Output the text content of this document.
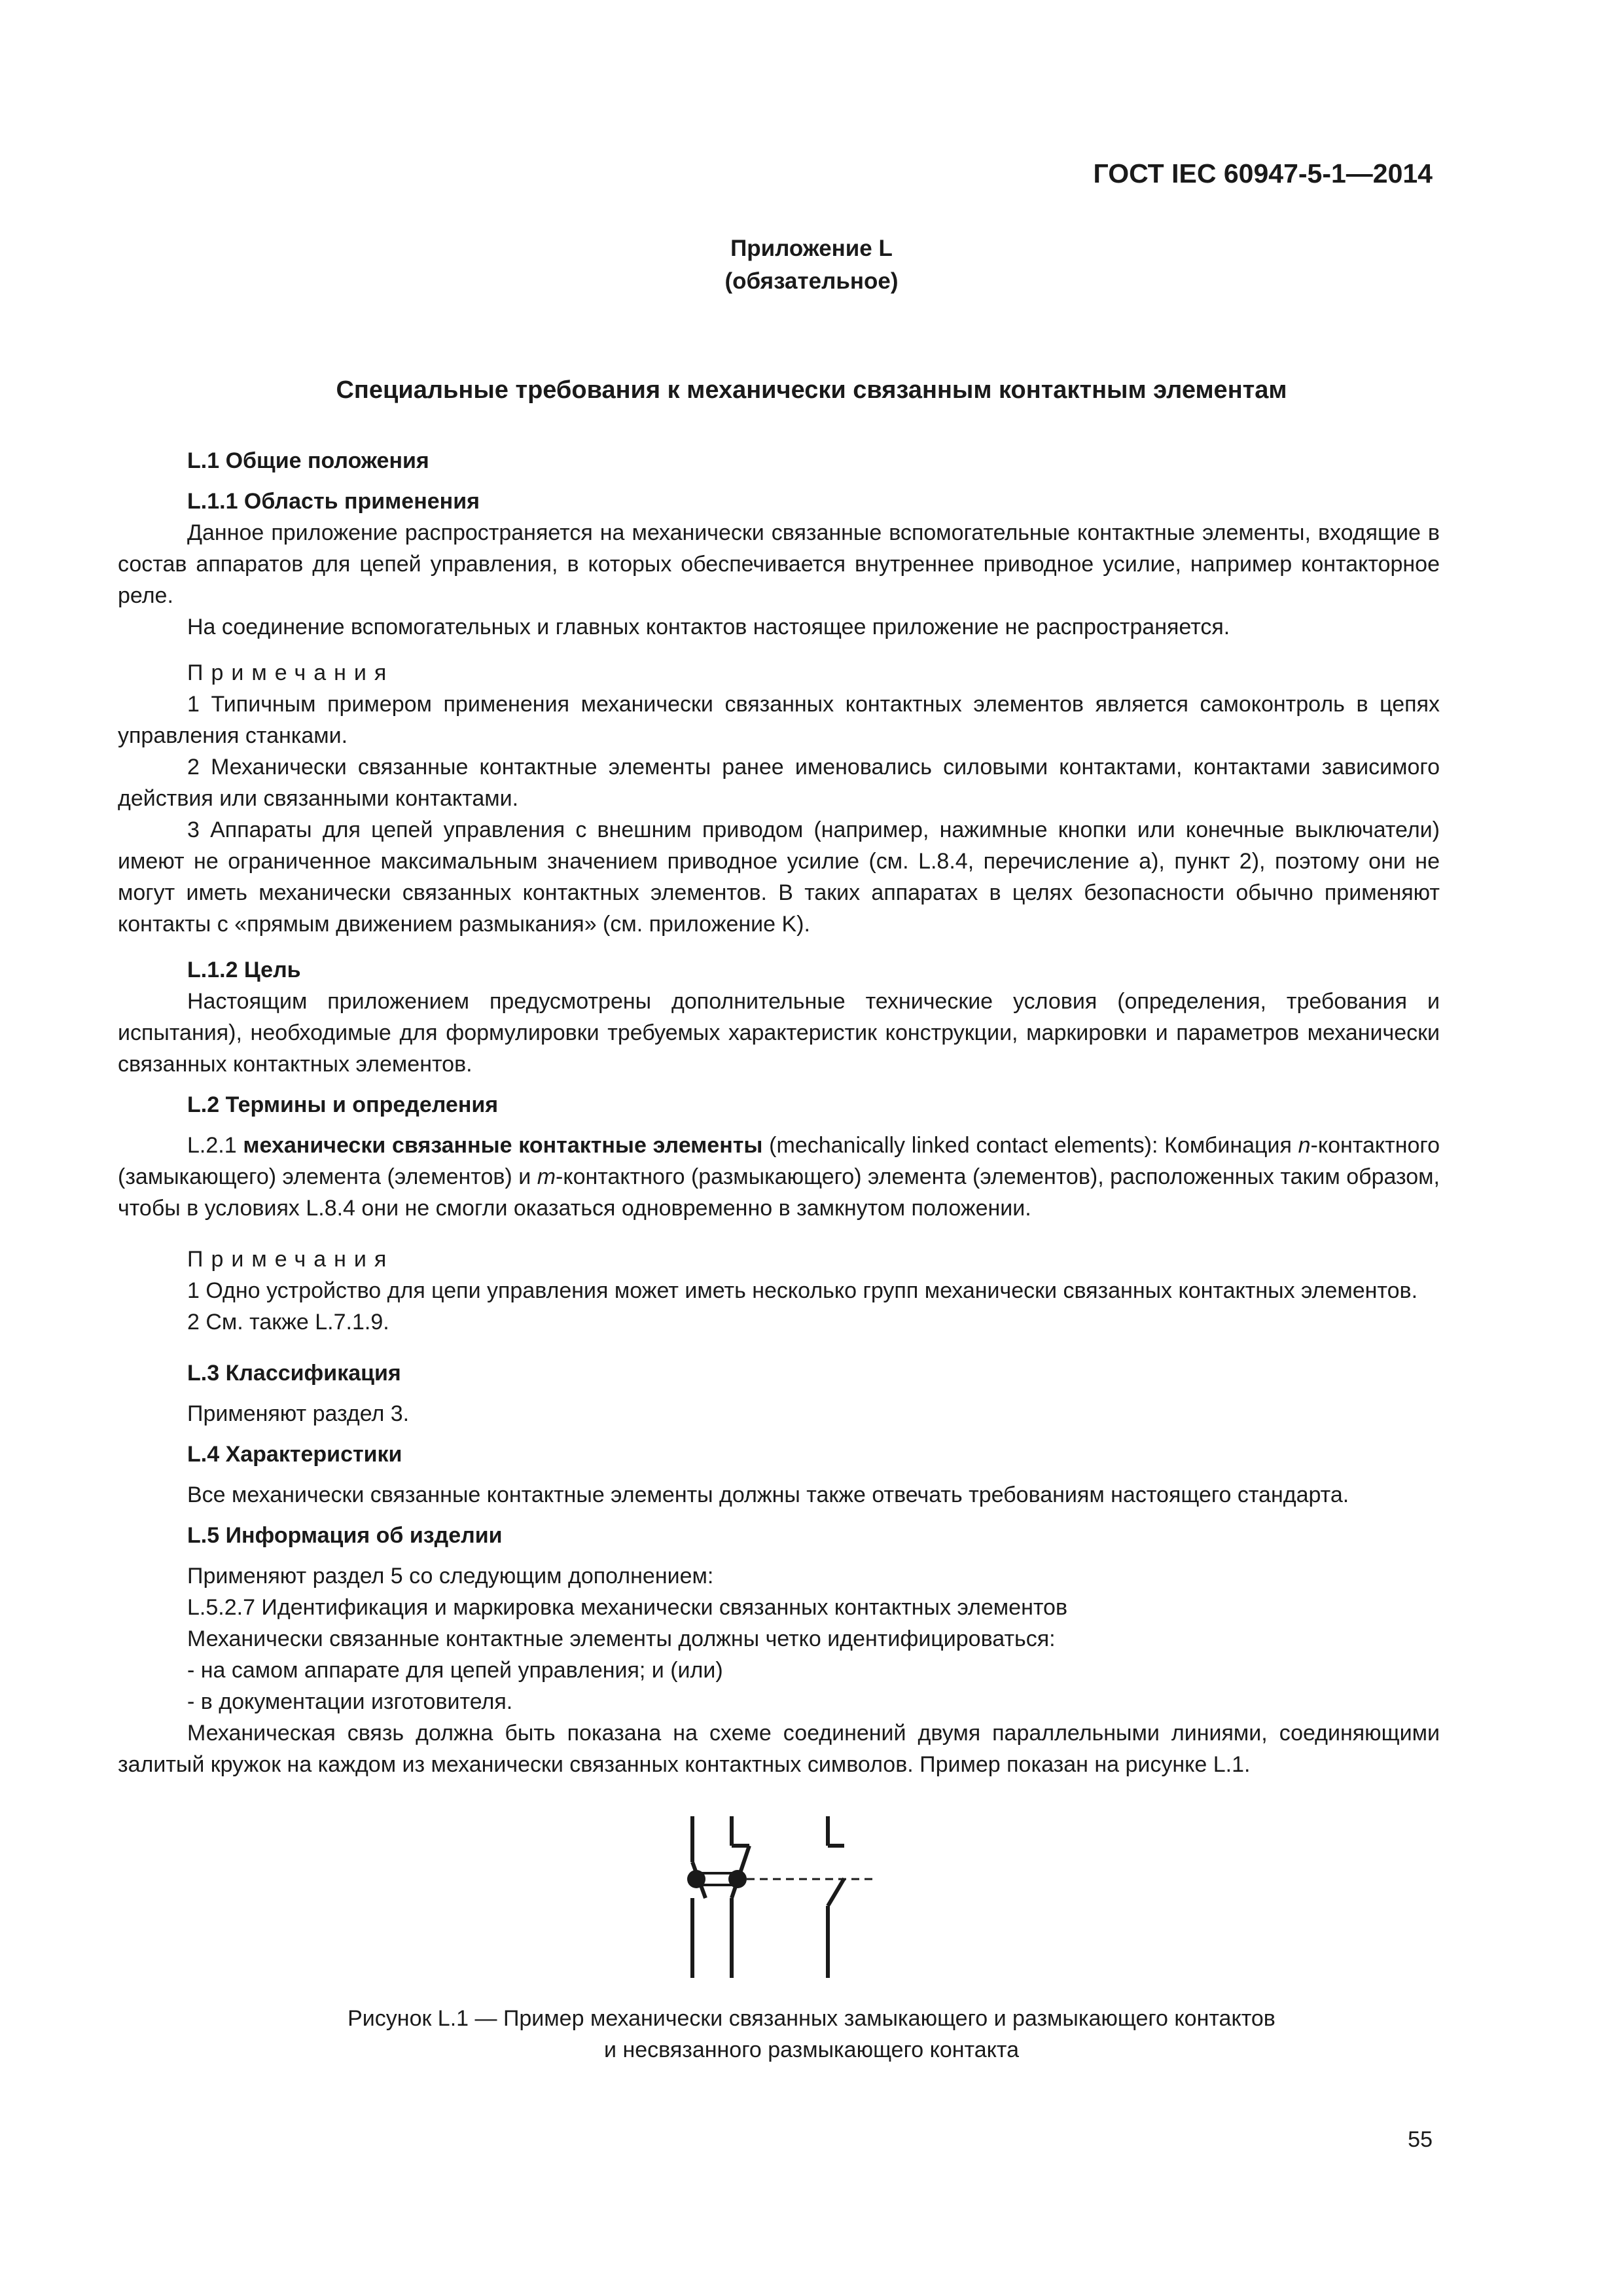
ГОСТ IEC 60947-5-1—2014
Приложение L
(обязательное)
Специальные требования к механически связанным контактным элементам

L.1 Общие положения

L.1.1 Область применения

Данное приложение распространяется на механически связанные вспомогательные контактные элементы, входящие в состав аппаратов для цепей управления, в которых обеспечивается внутреннее приводное усилие, например контакторное реле.

На соединение вспомогательных и главных контактов настоящее приложение не распространяется.

Примечания

1 Типичным примером применения механически связанных контактных элементов является самоконтроль в цепях управления станками.

2 Механически связанные контактные элементы ранее именовались силовыми контактами, контактами зависимого действия или связанными контактами.

3 Аппараты для цепей управления с внешним приводом (например, нажимные кнопки или конечные выключатели) имеют не ограниченное максимальным значением приводное усилие (см. L.8.4, перечисление a), пункт 2), поэтому они не могут иметь механически связанных контактных элементов. В таких аппаратах в целях безопасности обычно применяют контакты с «прямым движением размыкания» (см. приложение K).

L.1.2 Цель

Настоящим приложением предусмотрены дополнительные технические условия (определения, требования и испытания), необходимые для формулировки требуемых характеристик конструкции, маркировки и параметров механически связанных контактных элементов.

L.2 Термины и определения

L.2.1 механически связанные контактные элементы (mechanically linked contact elements): Комбинация n-контактного (замыкающего) элемента (элементов) и m-контактного (размыкающего) элемента (элементов), расположенных таким образом, чтобы в условиях L.8.4 они не смогли оказаться одновременно в замкнутом положении.

Примечания

1 Одно устройство для цепи управления может иметь несколько групп механически связанных контактных элементов.

2 См. также L.7.1.9.

L.3 Классификация

Применяют раздел 3.

L.4 Характеристики

Все механически связанные контактные элементы должны также отвечать требованиям настоящего стандарта.

L.5 Информация об изделии

Применяют раздел 5 со следующим дополнением:

L.5.2.7 Идентификация и маркировка механически связанных контактных элементов

Механически связанные контактные элементы должны четко идентифицироваться:

- на самом аппарате для цепей управления; и (или)

- в документации изготовителя.

Механическая связь должна быть показана на схеме соединений двумя параллельными линиями, соединяющими залитый кружок на каждом из механически связанных контактных символов. Пример показан на рисунке L.1.

Рисунок L.1 — Пример механически связанных замыкающего и размыкающего контактов
и несвязанного размыкающего контакта
55
